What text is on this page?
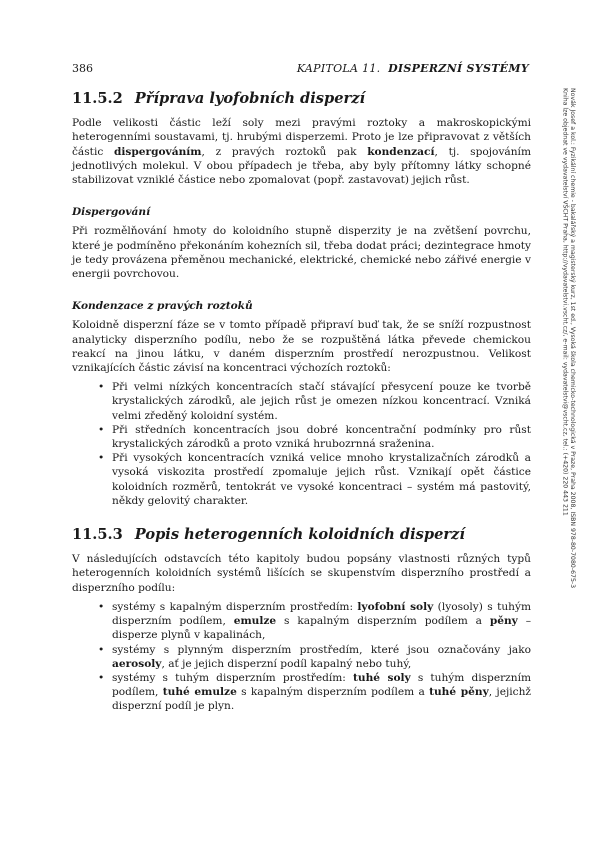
386	KAPITOLA 11. DISPERZNÍ SYSTÉMY
Novák Josef a kol.: Fyzikální chemie - bakalářský a magisterský kurz, 1st ed., Vysoká škola chemicko-technologická v Praze, Praha 2008, ISBN 978-80-7080-675-3
Kniha lze objednat ve vydavatelství VŠCHT Praha, http://vydavatelstvi.vscht.cz/, e-mail: vydavatelstvi@vscht.cz, tel.: (+420) 220 443 211
11.5.2 Příprava lyofobních disperzí

Podle velikosti částic leží soly mezi pravými roztoky a makroskopickými heterogenními soustavami, tj. hrubými disperzemi. Proto je lze připravovat z větších částic dispergováním, z pravých roztoků pak kondenzací, tj. spojováním jednotlivých molekul. V obou případech je třeba, aby byly přítomny látky schopné stabilizovat vzniklé částice nebo zpomalovat (popř. zastavovat) jejich růst.

Dispergování

Při rozmělňování hmoty do koloidního stupně disperzity je na zvětšení povrchu, které je podmíněno překonáním kohezních sil, třeba dodat práci; dezintegrace hmoty je tedy provázena přeměnou mechanické, elektrické, chemické nebo zářivé energie v energii povrchovou.

Kondenzace z pravých roztoků

Koloidně disperzní fáze se v tomto případě připraví buď tak, že se sníží rozpustnost analyticky disperzního podílu, nebo že se rozpuštěná látka převede chemickou reakcí na jinou látku, v daném disperzním prostředí nerozpustnou. Velikost vznikajících částic závisí na koncentraci výchozích roztoků:

• Při velmi nízkých koncentracích stačí stávající přesycení pouze ke tvorbě krystalických zárodků, ale jejich růst je omezen nízkou koncentrací. Vzniká velmi zředěný koloidní systém.
• Při středních koncentracích jsou dobré koncentrační podmínky pro růst krystalických zárodků a proto vzniká hrubozrnná sraženina.
• Při vysokých koncentracích vzniká velice mnoho krystalizačních zárodků a vysoká viskozita prostředí zpomaluje jejich růst. Vznikají opět částice koloidních rozměrů, tentokrát ve vysoké koncentraci – systém má pastovitý, někdy gelovitý charakter.
11.5.3 Popis heterogenních koloidních disperzí

V následujících odstavcích této kapitoly budou popsány vlastnosti různých typů heterogenních koloidních systémů lišících se skupenstvím disperzního prostředí a disperzního podílu:

• systémy s kapalným disperzním prostředím: lyofobní soly (lyosoly) s tuhým disperzním podílem, emulze s kapalným disperzním podílem a pěny – disperze plynů v kapalinách,
• systémy s plynným disperzním prostředím, které jsou označovány jako aerosoly, ať je jejich disperzní podíl kapalný nebo tuhý,
• systémy s tuhým disperzním prostředím: tuhé soly s tuhým disperzním podílem, tuhé emulze s kapalným disperzním podílem a tuhé pěny, jejichž disperzní podíl je plyn.
